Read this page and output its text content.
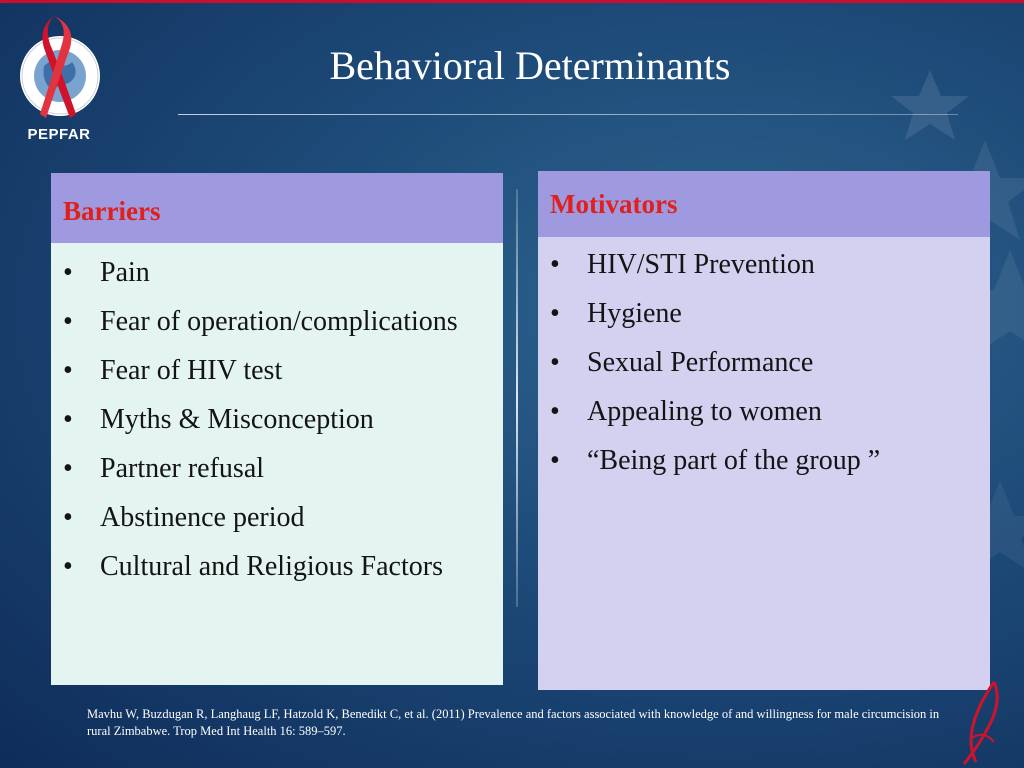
PEPFAR
Behavioral Determinants
Barriers
• Pain
• Fear of operation/complications
• Fear of HIV test
• Myths & Misconception
• Partner refusal
• Abstinence period
• Cultural and Religious Factors
Motivators
• HIV/STI Prevention
• Hygiene
• Sexual Performance
• Appealing to women
• “Being part of the group ”
Mavhu W, Buzdugan R, Langhaug LF, Hatzold K, Benedikt C, et al. (2011) Prevalence and factors associated with knowledge of and willingness for male circumcision in rural Zimbabwe. Trop Med Int Health 16: 589–597.
